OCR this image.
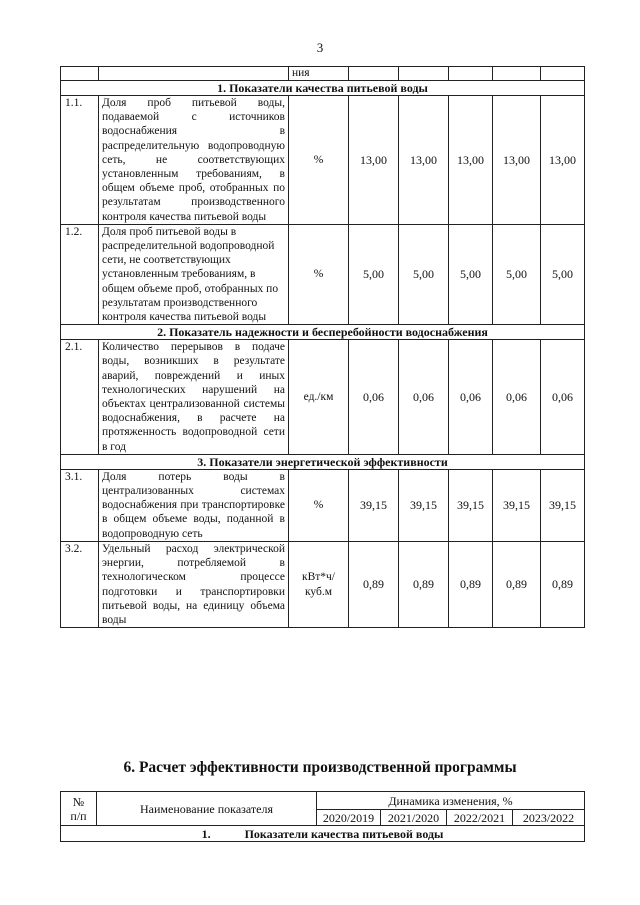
3
		ния					
1. Показатели качества питьевой воды							
1.1.	Доля проб питьевой воды, подаваемой с источников водоснабжения в распределительную водопроводную сеть, не соответствующих установленным требованиям, в общем объеме проб, отобранных по результатам производственного контроля качества питьевой воды	%	13,00	13,00	13,00	13,00	13,00
1.2.	Доля проб питьевой воды в распределительной водопроводной сети, не соответствующих установленным требованиям, в общем объеме проб, отобранных по результатам производственного контроля качества питьевой воды	%	5,00	5,00	5,00	5,00	5,00
2. Показатель надежности и бесперебойности водоснабжения							
2.1.	Количество перерывов в подаче воды, возникших в результате аварий, повреждений и иных технологических нарушений на объектах централизованной системы водоснабжения, в расчете на протяженность водопроводной сети в год	ед./км	0,06	0,06	0,06	0,06	0,06
3. Показатели энергетической эффективности							
3.1.	Доля потерь воды в централизованных системах водоснабжения при транспортировке в общем объеме воды, поданной в водопроводную сеть	%	39,15	39,15	39,15	39,15	39,15
3.2.	Удельный расход электрической энергии, потребляемой в технологическом процессе подготовки и транспортировки питьевой воды, на единицу объема воды	кВт*ч/ куб.м	0,89	0,89	0,89	0,89	0,89
6. Расчет эффективности производственной программы
№ п/п	Наименование показателя	Динамика изменения, %			
		2020/2019	2021/2020	2022/2021	2023/2022
1. Показатели качества питьевой воды					
